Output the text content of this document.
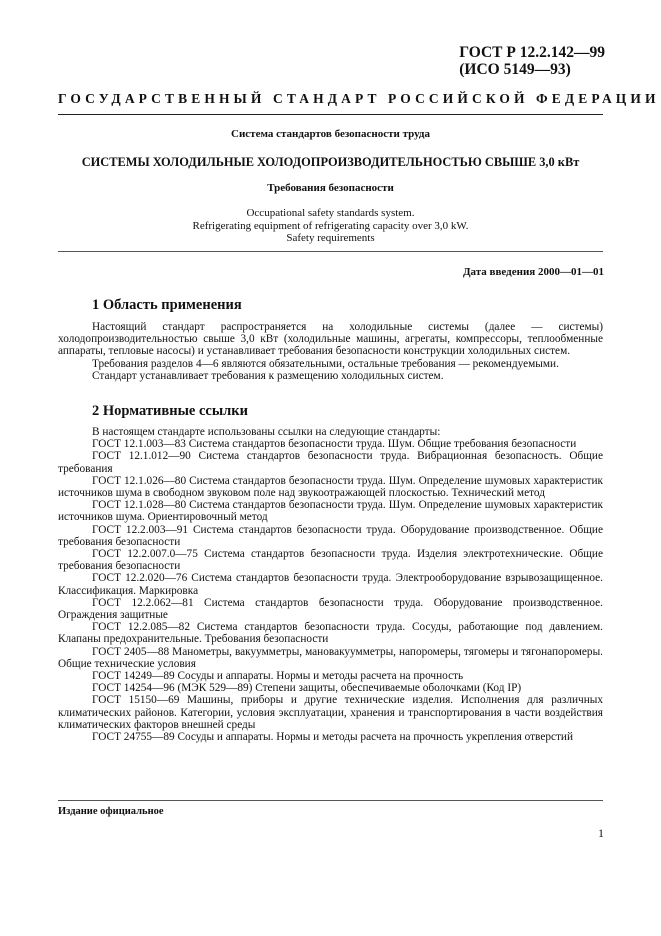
ГОСТ Р 12.2.142—99
(ИСО 5149—93)
ГОСУДАРСТВЕННЫЙ СТАНДАРТ РОССИЙСКОЙ ФЕДЕРАЦИИ
Система стандартов безопасности труда
СИСТЕМЫ ХОЛОДИЛЬНЫЕ ХОЛОДОПРОИЗВОДИТЕЛЬНОСТЬЮ СВЫШЕ 3,0 кВт
Требования безопасности
Occupational safety standards system.
Refrigerating equipment of refrigerating capacity over 3,0 kW.
Safety requirements
Дата введения 2000—01—01
1 Область применения

Настоящий стандарт распространяется на холодильные системы (далее — системы) холодопроизводительностью свыше 3,0 кВт (холодильные машины, агрегаты, компрессоры, теплообменные аппараты, тепловые насосы) и устанавливает требования безопасности конструкции холодильных систем.

Требования разделов 4—6 являются обязательными, остальные требования — рекомендуемыми.

Стандарт устанавливает требования к размещению холодильных систем.

2 Нормативные ссылки

В настоящем стандарте использованы ссылки на следующие стандарты:

ГОСТ 12.1.003—83 Система стандартов безопасности труда. Шум. Общие требования безопасности

ГОСТ 12.1.012—90 Система стандартов безопасности труда. Вибрационная безопасность. Общие требования

ГОСТ 12.1.026—80 Система стандартов безопасности труда. Шум. Определение шумовых характеристик источников шума в свободном звуковом поле над звукоотражающей плоскостью. Технический метод

ГОСТ 12.1.028—80 Система стандартов безопасности труда. Шум. Определение шумовых характеристик источников шума. Ориентировочный метод

ГОСТ 12.2.003—91 Система стандартов безопасности труда. Оборудование производственное. Общие требования безопасности

ГОСТ 12.2.007.0—75 Система стандартов безопасности труда. Изделия электротехнические. Общие требования безопасности

ГОСТ 12.2.020—76 Система стандартов безопасности труда. Электрооборудование взрывозащищенное. Классификация. Маркировка

ГОСТ 12.2.062—81 Система стандартов безопасности труда. Оборудование производственное. Ограждения защитные

ГОСТ 12.2.085—82 Система стандартов безопасности труда. Сосуды, работающие под давлением. Клапаны предохранительные. Требования безопасности

ГОСТ 2405—88 Манометры, вакуумметры, мановакуумметры, напоромеры, тягомеры и тягонапоромеры. Общие технические условия

ГОСТ 14249—89 Сосуды и аппараты. Нормы и методы расчета на прочность

ГОСТ 14254—96 (МЭК 529—89) Степени защиты, обеспечиваемые оболочками (Код IP)

ГОСТ 15150—69 Машины, приборы и другие технические изделия. Исполнения для различных климатических районов. Категории, условия эксплуатации, хранения и транспортирования в части воздействия климатических факторов внешней среды

ГОСТ 24755—89 Сосуды и аппараты. Нормы и методы расчета на прочность укрепления отверстий

Издание официальное
1
